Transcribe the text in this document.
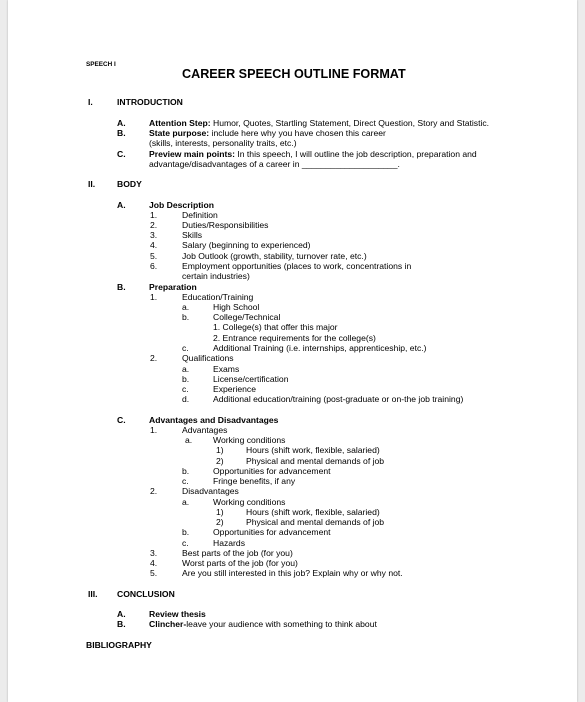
SPEECH I
CAREER SPEECH OUTLINE FORMAT
I.	INTRODUCTION
A.	Attention Step: Humor, Quotes, Startling Statement, Direct Question, Story and Statistic.
B.	State purpose: include here why you have chosen this career
(skills, interests, personality traits, etc.)
C.	Preview main points: In this speech, I will outline the job description, preparation and
advantage/disadvantages of a career in ____________________.
II.	BODY
A.	Job Description
1.	Definition
2.	Duties/Responsibilities
3.	Skills
4.	Salary (beginning to experienced)
5.	Job Outlook (growth, stability, turnover rate, etc.)
6.	Employment opportunities (places to work, concentrations in
certain industries)
B.	Preparation
1.	Education/Training
a.	High School
b.	College/Technical
1. College(s) that offer this major
2. Entrance requirements for the college(s)
c.	Additional Training (i.e. internships, apprenticeship, etc.)
2.	Qualifications
a.	Exams
b.	License/certification
c.	Experience
d.	Additional education/training (post-graduate or on-the job training)
C.	Advantages and Disadvantages
1.	Advantages
a. Working conditions
1)	Hours (shift work, flexible, salaried)
2)	Physical and mental demands of job
b.	Opportunities for advancement
c.	Fringe benefits, if any
2.	Disadvantages
a.	Working conditions
1)	Hours (shift work, flexible, salaried)
2)	Physical and mental demands of job
b.	Opportunities for advancement
c.	Hazards
3.	Best parts of the job (for you)
4.	Worst parts of the job (for you)
5.	Are you still interested in this job? Explain why or why not.
III. CONCLUSION
A.	Review thesis
B.	Clincher-leave your audience with something to think about
BIBLIOGRAPHY
